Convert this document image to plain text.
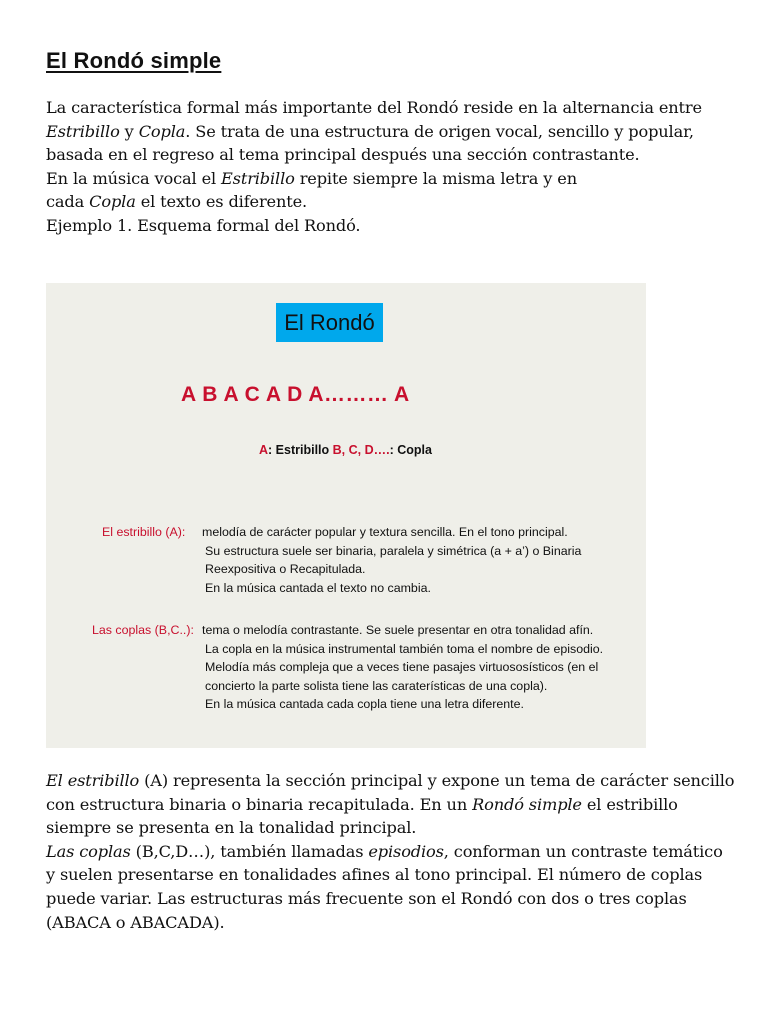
El Rondó simple

La característica formal más importante del Rondó reside en la alternancia entre Estribillo y Copla. Se trata de una estructura de origen vocal, sencillo y popular, basada en el regreso al tema principal después una sección contrastante.

En la música vocal el Estribillo repite siempre la misma letra y en
cada Copla el texto es diferente.

Ejemplo 1. Esquema formal del Rondó.

El Rondó
A B A C A D A……… A
A: Estribillo B, C, D….: Copla
El estribillo (A): melodía de carácter popular y textura sencilla. En el tono principal.
Su estructura suele ser binaria, paralela y simétrica (a + a’) o Binaria
Reexpositiva o Recapitulada.
En la música cantada el texto no cambia.
Las coplas (B,C..): tema o melodía contrastante. Se suele presentar en otra tonalidad afín.
La copla en la música instrumental también toma el nombre de episodio.
Melodía más compleja que a veces tiene pasajes virtuososísticos (en el
concierto la parte solista tiene las caraterísticas de una copla).
En la música cantada cada copla tiene una letra diferente.

El estribillo (A) representa la sección principal y expone un tema de carácter sencillo con estructura binaria o binaria recapitulada. En un Rondó simple el estribillo siempre se presenta en la tonalidad principal.

Las coplas (B,C,D…), también llamadas episodios, conforman un contraste temático y suelen presentarse en tonalidades afines al tono principal. El número de coplas puede variar. Las estructuras más frecuente son el Rondó con dos o tres coplas (ABACA o ABACADA).
